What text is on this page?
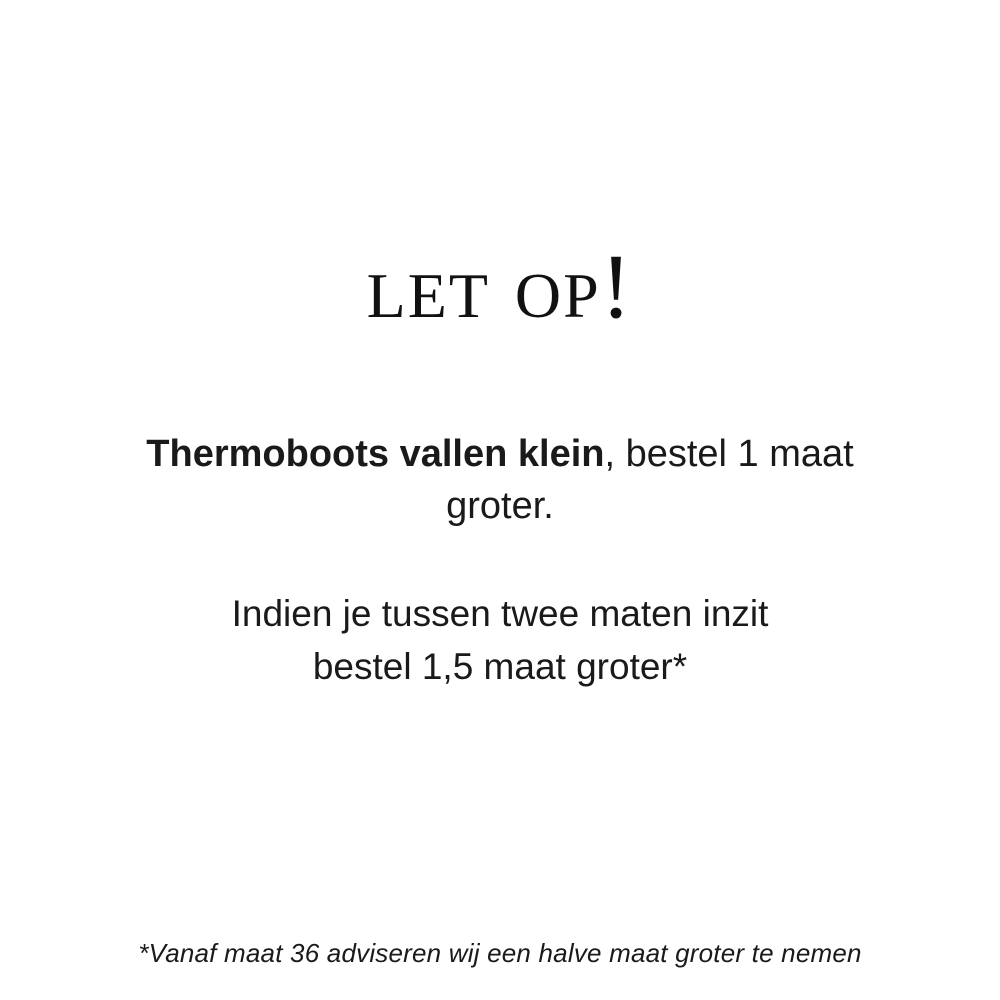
let op!
Thermoboots vallen klein, bestel 1 maat groter.
Indien je tussen twee maten inzit
bestel 1,5 maat groter*
*Vanaf maat 36 adviseren wij een halve maat groter te nemen
